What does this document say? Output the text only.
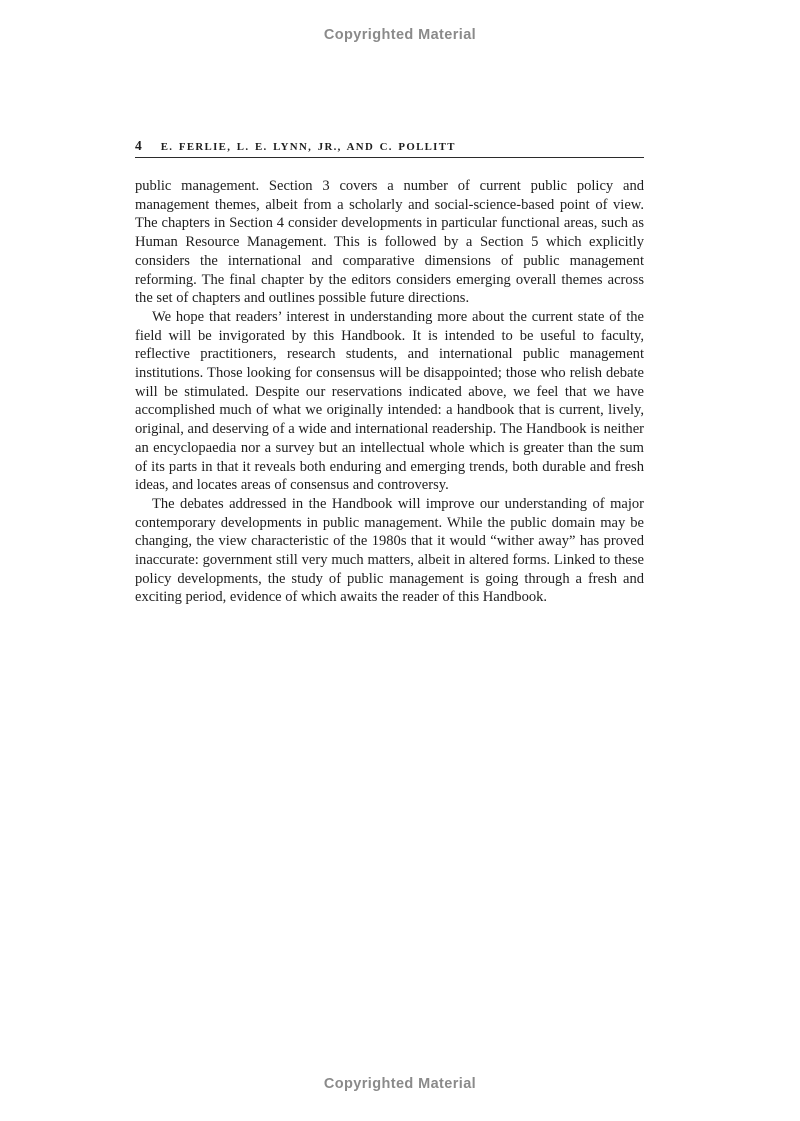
Copyrighted Material
4 E. FERLIE, L. E. LYNN, JR., AND C. POLLITT

public management. Section 3 covers a number of current public policy and management themes, albeit from a scholarly and social-science-based point of view. The chapters in Section 4 consider developments in particular functional areas, such as Human Resource Management. This is followed by a Section 5 which explicitly considers the international and comparative dimensions of public management reforming. The final chapter by the editors considers emerging overall themes across the set of chapters and outlines possible future directions.

We hope that readers’ interest in understanding more about the current state of the field will be invigorated by this Handbook. It is intended to be useful to faculty, reflective practitioners, research students, and international public management institutions. Those looking for consensus will be disappointed; those who relish debate will be stimulated. Despite our reservations indicated above, we feel that we have accomplished much of what we originally intended: a handbook that is current, lively, original, and deserving of a wide and international readership. The Handbook is neither an encyclopaedia nor a survey but an intellectual whole which is greater than the sum of its parts in that it reveals both enduring and emerging trends, both durable and fresh ideas, and locates areas of consensus and controversy.

The debates addressed in the Handbook will improve our understanding of major contemporary developments in public management. While the public domain may be changing, the view characteristic of the 1980s that it would “wither away” has proved inaccurate: government still very much matters, albeit in altered forms. Linked to these policy developments, the study of public management is going through a fresh and exciting period, evidence of which awaits the reader of this Handbook.

Copyrighted Material
